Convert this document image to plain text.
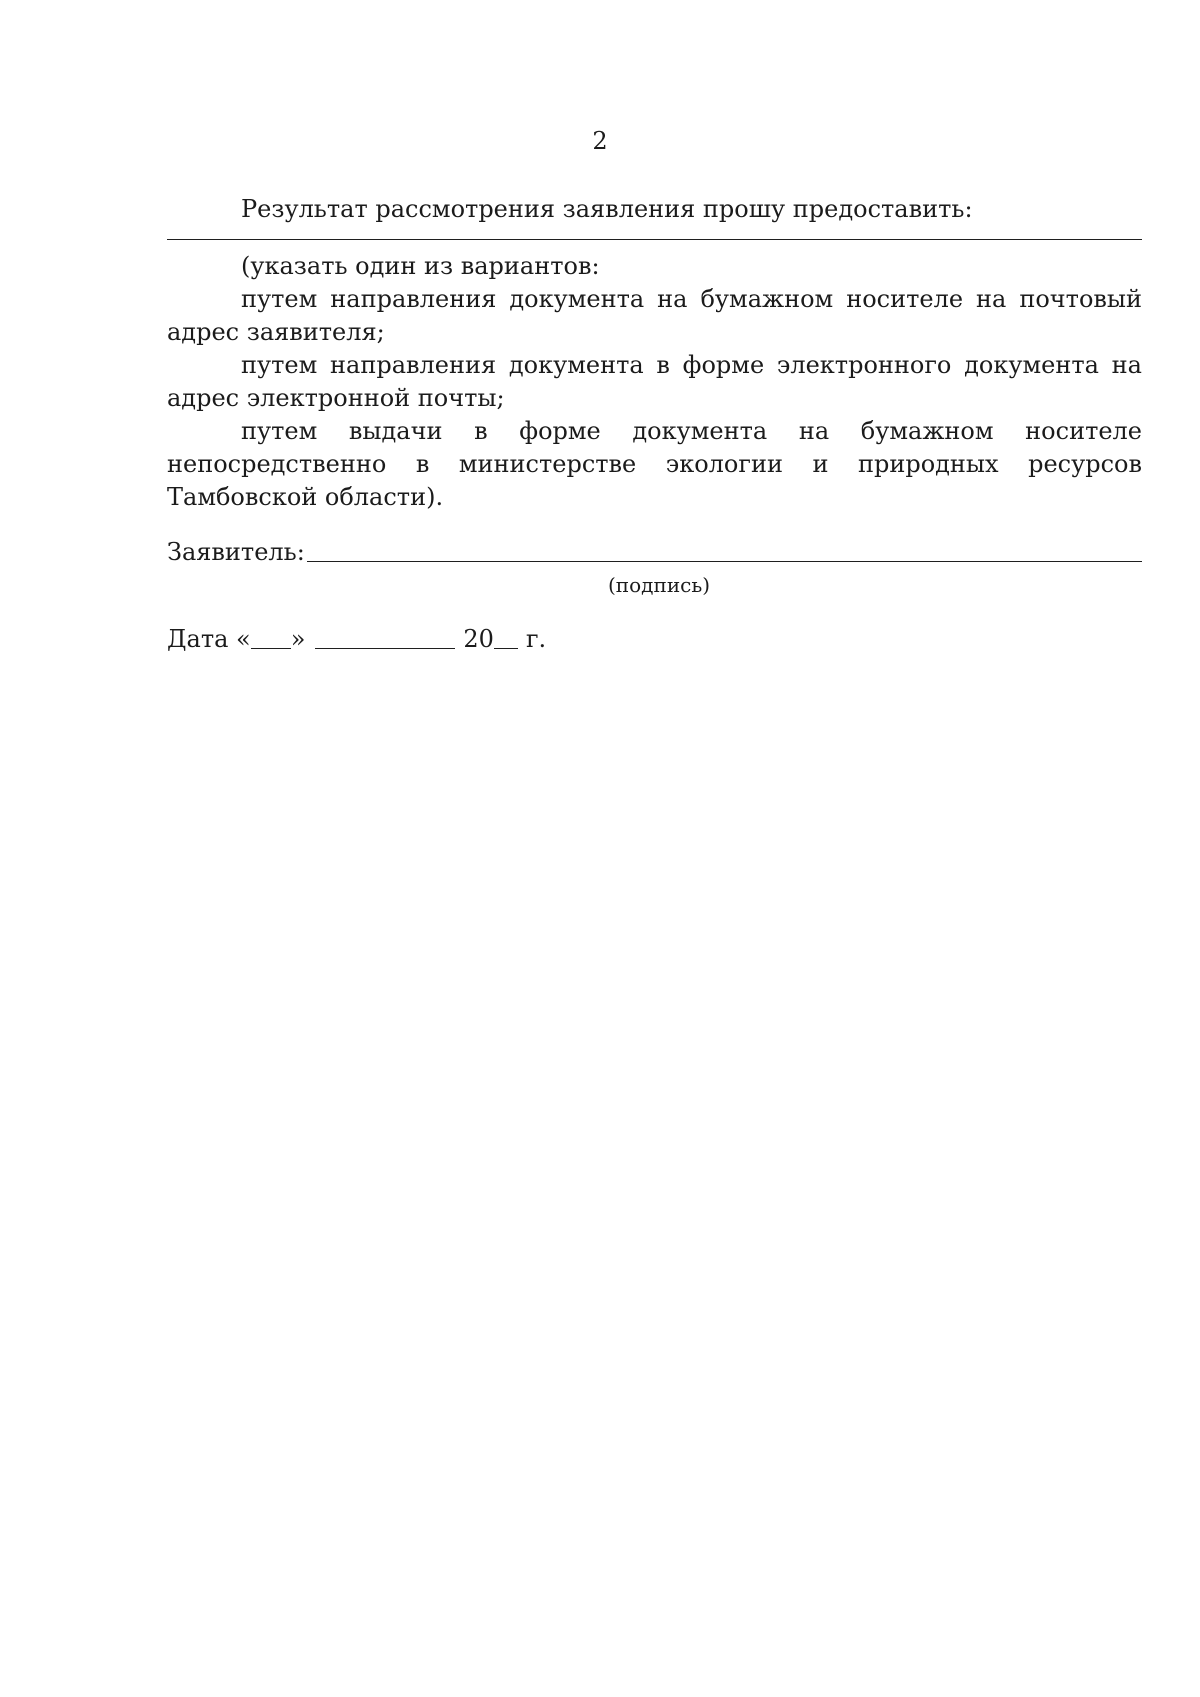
2

Результат рассмотрения заявления прошу предоставить:

(указать один из вариантов:

путем направления документа на бумажном носителе на почтовый адрес заявителя;

путем направления документа в форме электронного документа на адрес электронной почты;

путем выдачи в форме документа на бумажном носителе непосредственно в министерстве экологии и природных ресурсов Тамбовской области).

Заявитель:
(подпись)
Дата « »	20 г.
